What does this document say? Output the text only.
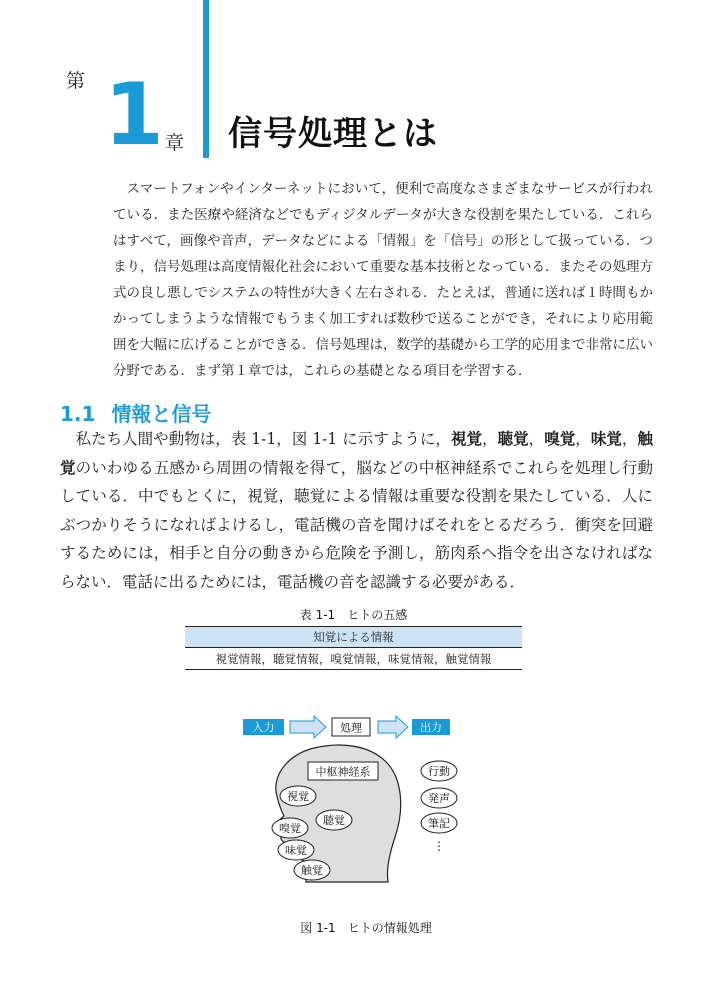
第 1 章 信号処理とは
スマートフォンやインターネットにおいて，便利で高度なさまざまなサービスが行われている．また医療や経済などでもディジタルデータが大きな役割を果たしている．これらはすべて，画像や音声，データなどによる「情報」を「信号」の形として扱っている．つまり，信号処理は高度情報化社会において重要な基本技術となっている．またその処理方式の良し悪しでシステムの特性が大きく左右される．たとえば，普通に送れば１時間もかかってしまうような情報でもうまく加工すれば数秒で送ることができ，それにより応用範囲を大幅に広げることができる．信号処理は，数学的基礎から工学的応用まで非常に広い分野である．まず第１章では，これらの基礎となる項目を学習する．
1.1 情報と信号
私たち人間や動物は，表 1-1，図 1-1 に示すように，視覚，聴覚，嗅覚，味覚，触覚のいわゆる五感から周囲の情報を得て，脳などの中枢神経系でこれらを処理し行動している．中でもとくに，視覚，聴覚による情報は重要な役割を果たしている．人にぶつかりそうになればよけるし，電話機の音を聞けばそれをとるだろう．衝突を回避するためには，相手と自分の動きから危険を予測し，筋肉系へ指令を出さなければならない．電話に出るためには，電話機の音を認識する必要がある．
表 1-1　ヒトの五感
知覚による情報
視覚情報，聴覚情報，嗅覚情報，味覚情報，触覚情報
入力	処理	出力
中枢神経系
視覚
嗅覚
聴覚
味覚
触覚
行動
発声
筆記
⋮
図 1-1　ヒトの情報処理
